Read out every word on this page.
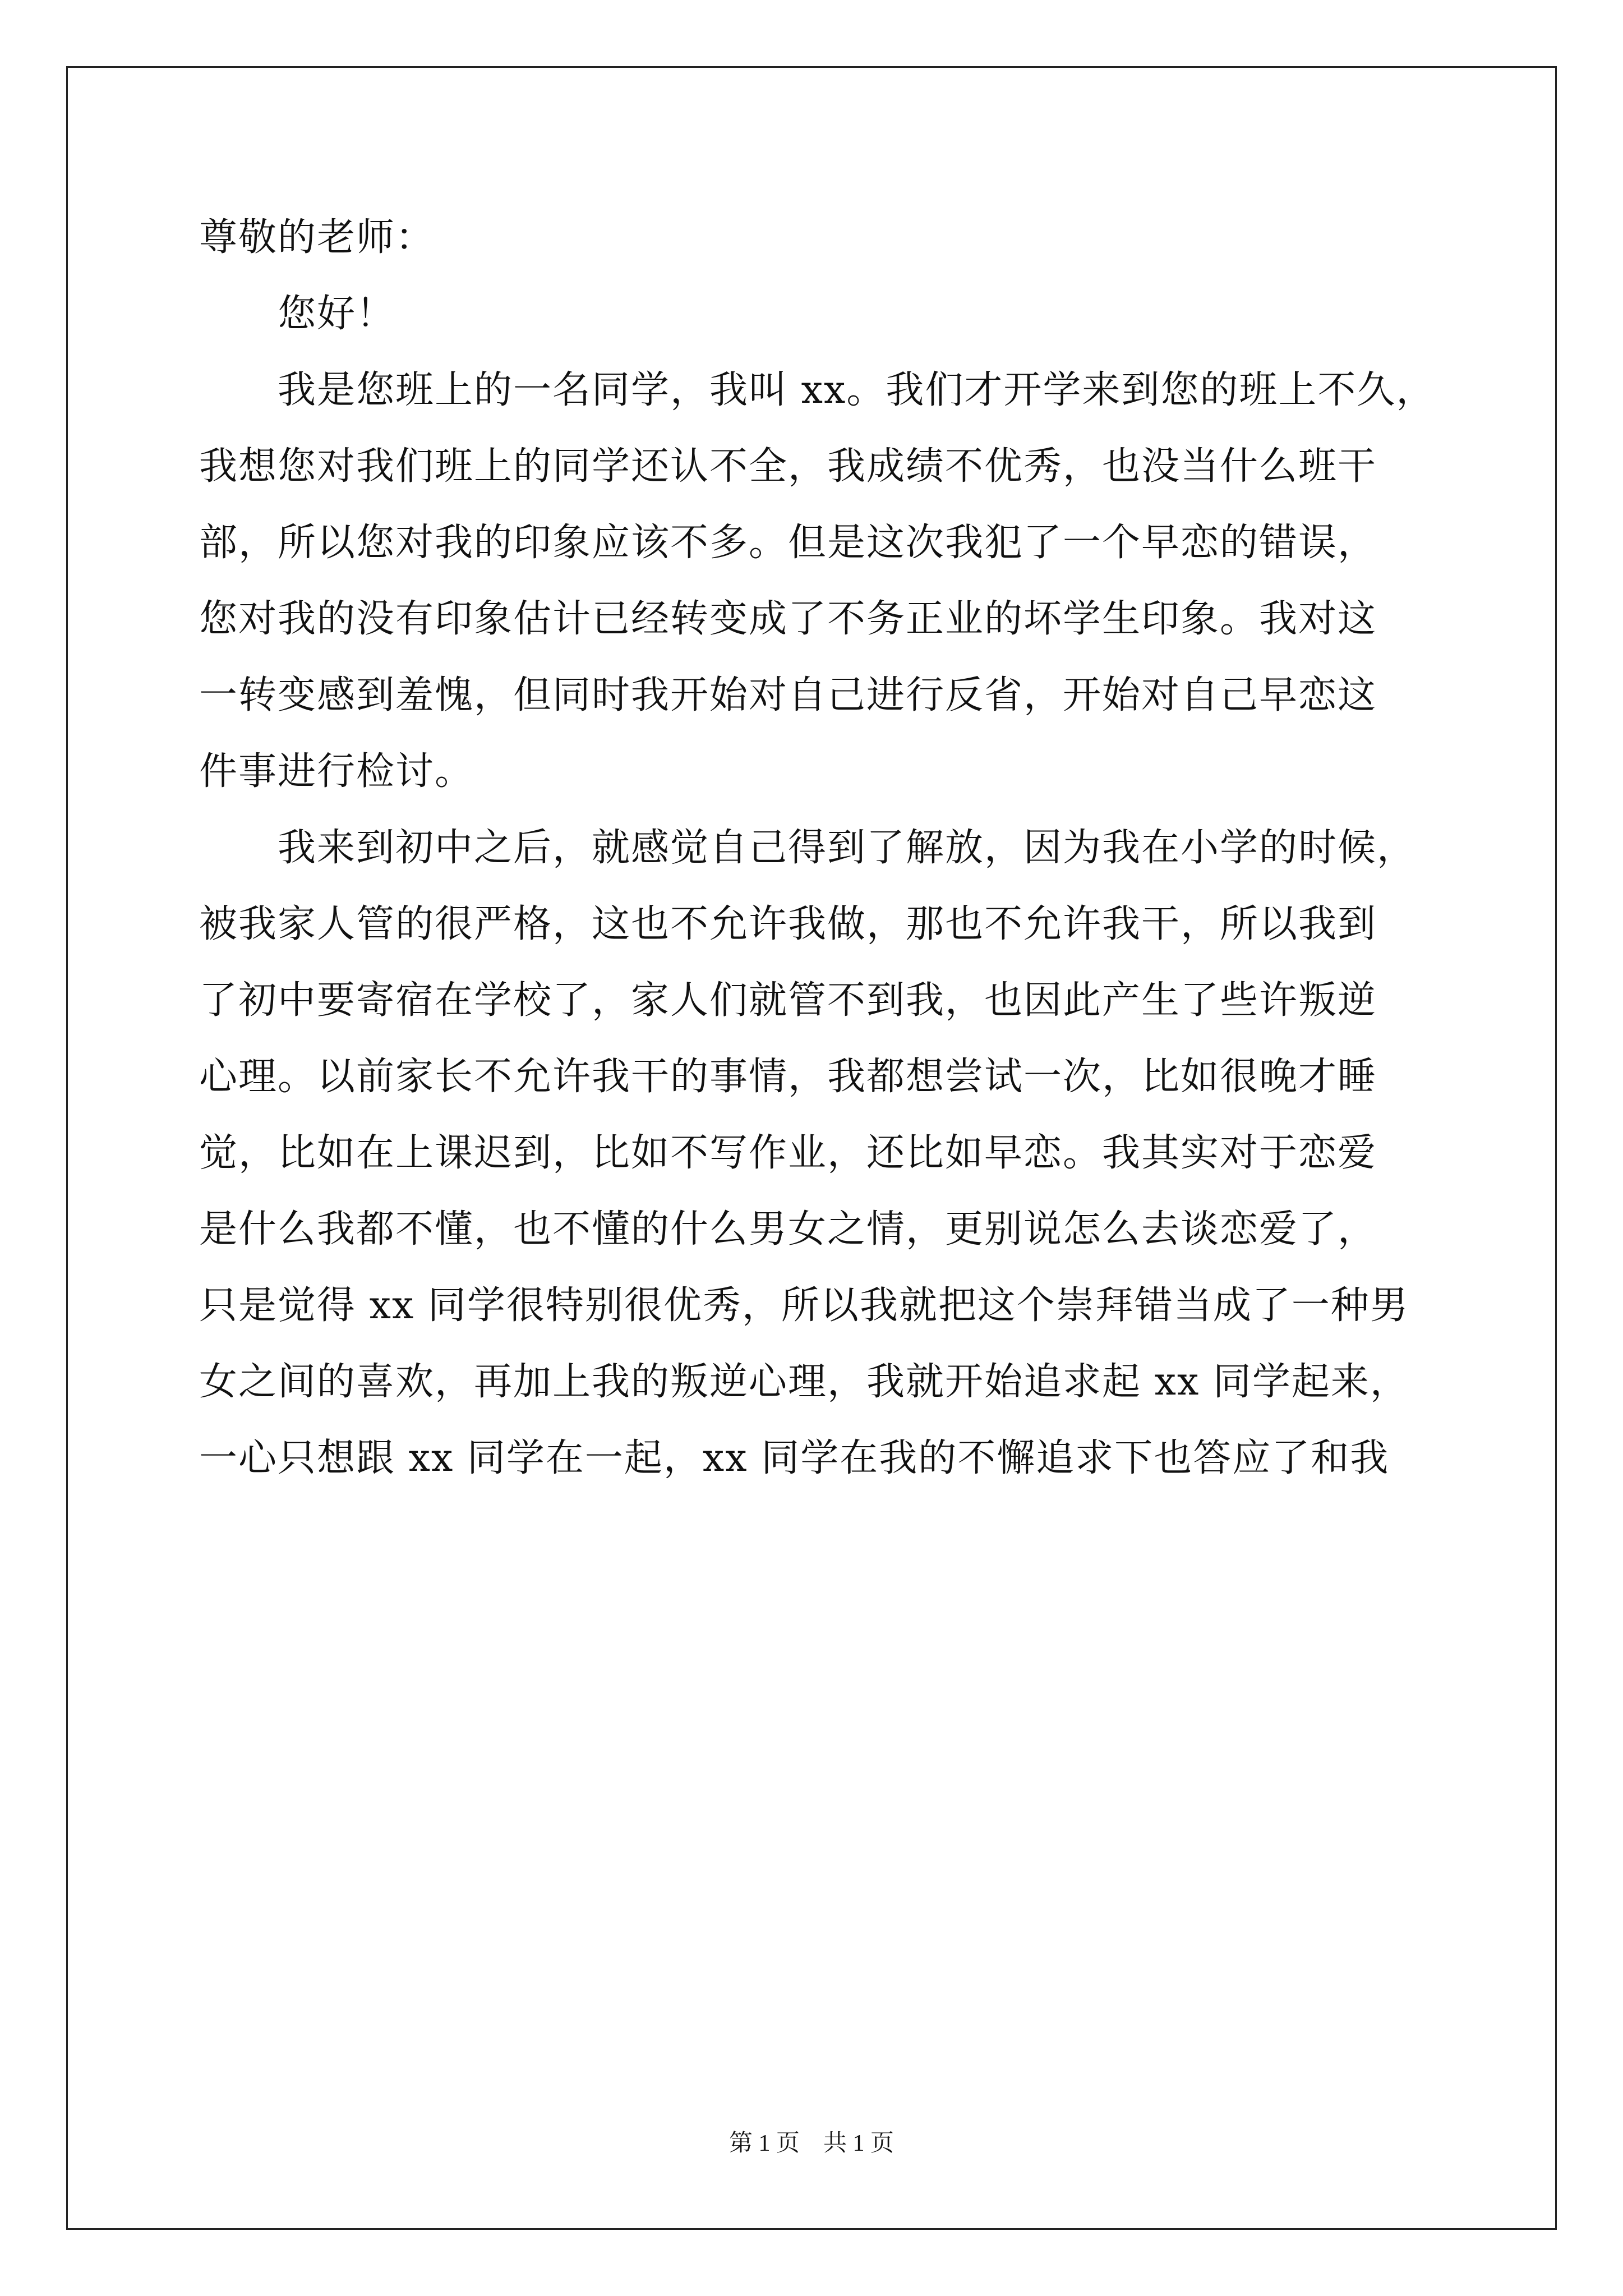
尊敬的老师：
您好！
我是您班上的一名同学，我叫 xx。我们才开学来到您的班上不久，
我想您对我们班上的同学还认不全，我成绩不优秀，也没当什么班干
部，所以您对我的印象应该不多。但是这次我犯了一个早恋的错误，
您对我的没有印象估计已经转变成了不务正业的坏学生印象。我对这
一转变感到羞愧，但同时我开始对自己进行反省，开始对自己早恋这
件事进行检讨。
我来到初中之后，就感觉自己得到了解放，因为我在小学的时候，
被我家人管的很严格，这也不允许我做，那也不允许我干，所以我到
了初中要寄宿在学校了，家人们就管不到我，也因此产生了些许叛逆
心理。以前家长不允许我干的事情，我都想尝试一次，比如很晚才睡
觉，比如在上课迟到，比如不写作业，还比如早恋。我其实对于恋爱
是什么我都不懂，也不懂的什么男女之情，更别说怎么去谈恋爱了，
只是觉得 xx 同学很特别很优秀，所以我就把这个崇拜错当成了一种男
女之间的喜欢，再加上我的叛逆心理，我就开始追求起 xx 同学起来，
一心只想跟 xx 同学在一起，xx 同学在我的不懈追求下也答应了和我
第 1 页　共 1 页
